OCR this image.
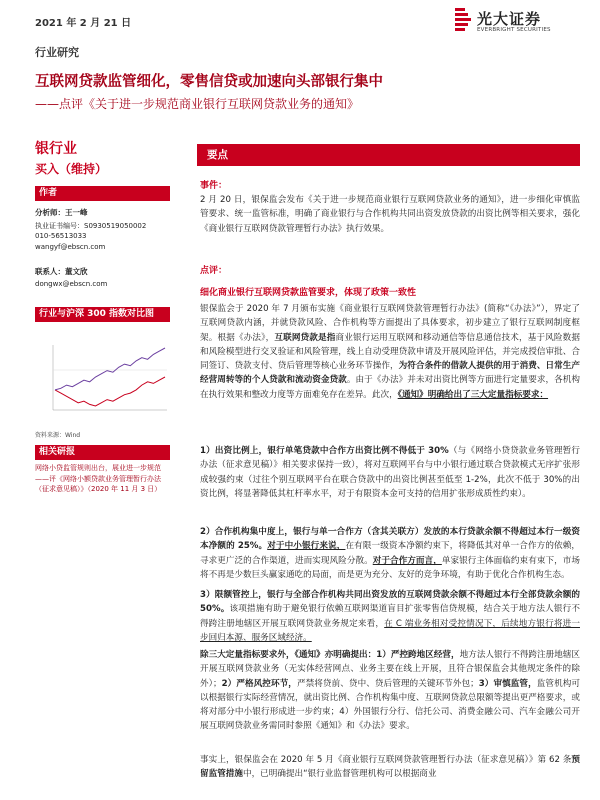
2021 年 2 月 21 日	光大证券
EVERBRIGHT SECURITIES
行业研究
互联网贷款监管细化，零售信贷或加速向头部银行集中
——点评《关于进一步规范商业银行互联网贷款业务的通知》
银行业
买入（维持）
作者
分析师：王一峰
执业证书编号：S0930519050002
010-56513033
wangyf@ebscn.com
联系人：董文欣
dongwx@ebscn.com
行业与沪深 300 指数对比图
资料来源：Wind
相关研报
网络小贷监管规则出台，展业进一步规范——评《网络小额贷款业务管理暂行办法（征求意见稿）》（2020 年 11 月 3 日）
要点
事件：
2 月 20 日，银保监会发布《关于进一步规范商业银行互联网贷款业务的通知》，进一步细化审慎监管要求、统一监管标准，明确了商业银行与合作机构共同出资发放贷款的出资比例等相关要求，强化《商业银行互联网贷款管理暂行办法》执行效果。
点评：
细化商业银行互联网贷款监管要求，体现了政策一致性
银保监会于 2020 年 7 月颁布实施《商业银行互联网贷款管理暂行办法》(简称“《办法》”），界定了互联网贷款内涵，并就贷款风险、合作机构等方面提出了具体要求，初步建立了银行互联网制度框架。根据《办法》，互联网贷款是指商业银行运用互联网和移动通信等信息通信技术，基于风险数据和风险模型进行交叉验证和风险管理，线上自动受理贷款申请及开展风险评估，并完成授信审批、合同签订、贷款支付、贷后管理等核心业务环节操作，为符合条件的借款人提供的用于消费、日常生产经营周转等的个人贷款和流动资金贷款。由于《办法》并未对出资比例等方面进行定量要求，各机构在执行效果和整改力度等方面难免存在差异。此次，《通知》明确给出了三大定量指标要求：
1）出资比例上，银行单笔贷款中合作方出资比例不得低于 30%（与《网络小贷贷款业务管理暂行办法（征求意见稿）》相关要求保持一致），将对互联网平台与中小银行通过联合贷款模式无序扩张形成较强约束（过往个别互联网平台在联合贷款中的出资比例甚至低至 1-2%，此次不低于 30%的出资比例，将显著降低其杠杆率水平，对于有限资本金可支持的信用扩张形成质性约束）。
2）合作机构集中度上，银行与单一合作方（含其关联方）发放的本行贷款余额不得超过本行一级资本净额的 25%。对于中小银行来说，在有限一级资本净额约束下，将降低其对单一合作方的依赖，寻求更广泛的合作渠道，进而实现风险分散。对于合作方而言，单家银行主体面临约束有束下，市场将不再是少数巨头赢家通吃的局面，而是更为充分、友好的竞争环境，有助于优化合作机构生态。
3）限额管控上，银行与全部合作机构共同出资发放的互联网贷款余额不得超过本行全部贷款余额的 50%。该项措施有助于避免银行依赖互联网渠道盲目扩张零售信贷规模，结合关于地方法人银行不得跨注册地辖区开展互联网贷款业务规定来看，在 C 端业务相对受控情况下，后续地方银行将进一步回归本源、服务区域经济。
除三大定量指标要求外，《通知》亦明确提出：1）严控跨地区经营，地方法人银行不得跨注册地辖区开展互联网贷款业务（无实体经营网点、业务主要在线上开展，且符合银保监会其他规定条件的除外）；2）严格风控环节，严禁将贷前、贷中、贷后管理的关键环节外包；3）审慎监管，监管机构可以根据银行实际经营情况，就出资比例、合作机构集中度、互联网贷款总限额等提出更严格要求，或将对部分中小银行形成进一步约束；4）外国银行分行、信托公司、消费金融公司、汽车金融公司开展互联网贷款业务需同时参照《通知》和《办法》要求。
事实上，银保监会在 2020 年 5 月《商业银行互联网贷款管理暂行办法（征求意见稿）》第 62 条预留监管措施中，已明确提出“银行业监督管理机构可以根据商业
